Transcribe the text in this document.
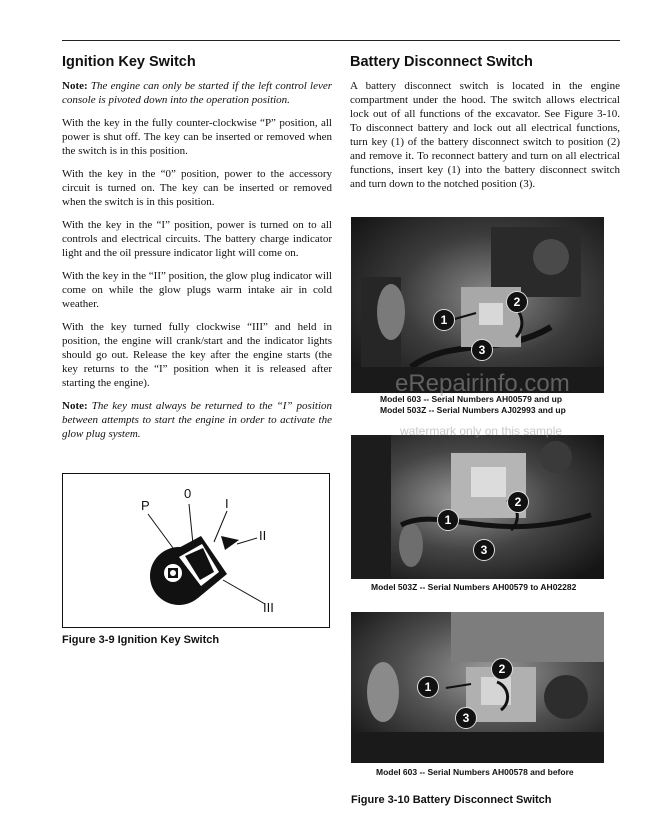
Ignition Key Switch

Note: The engine can only be started if the left control lever console is pivoted down into the operation position.

With the key in the fully counter-clockwise “P” position, all power is shut off. The key can be inserted or removed when the switch is in this position.

With the key in the “0” position, power to the accessory circuit is turned on. The key can be inserted or removed when the switch is in this position.

With the key in the “I” position, power is turned on to all controls and electrical circuits. The battery charge indicator light and the oil pressure indicator light will come on.

With the key in the “II” position, the glow plug indicator will come on while the glow plugs warm intake air in cold weather.

With the key turned fully clockwise “III” and held in position, the engine will crank/start and the indicator lights should go out. Release the key after the engine starts (the key returns to the “I” position when it is released after starting the engine).

Note: The key must always be returned to the “I” position between attempts to start the engine in order to activate the glow plug system.

P
0
I
II
III
Figure 3-9 Ignition Key Switch
Battery Disconnect Switch

A battery disconnect switch is located in the engine compartment under the hood. The switch allows electrical lock out of all functions of the excavator. See Figure 3-10. To disconnect battery and lock out all electrical functions, turn key (1) of the battery disconnect switch to position (2) and remove it. To reconnect battery and turn on all electrical functions, insert key (1) into the battery disconnect switch and turn down to the notched position (3).

1
2
3
Model 603 -- Serial Numbers AH00579 and up
Model 503Z -- Serial Numbers AJ02993 and up
1
2
3
Model 503Z -- Serial Numbers AH00579 to AH02282
1
2
3
Model 603 -- Serial Numbers AH00578 and before
Figure 3-10 Battery Disconnect Switch
eRepairinfo.com
watermark only on this sample
